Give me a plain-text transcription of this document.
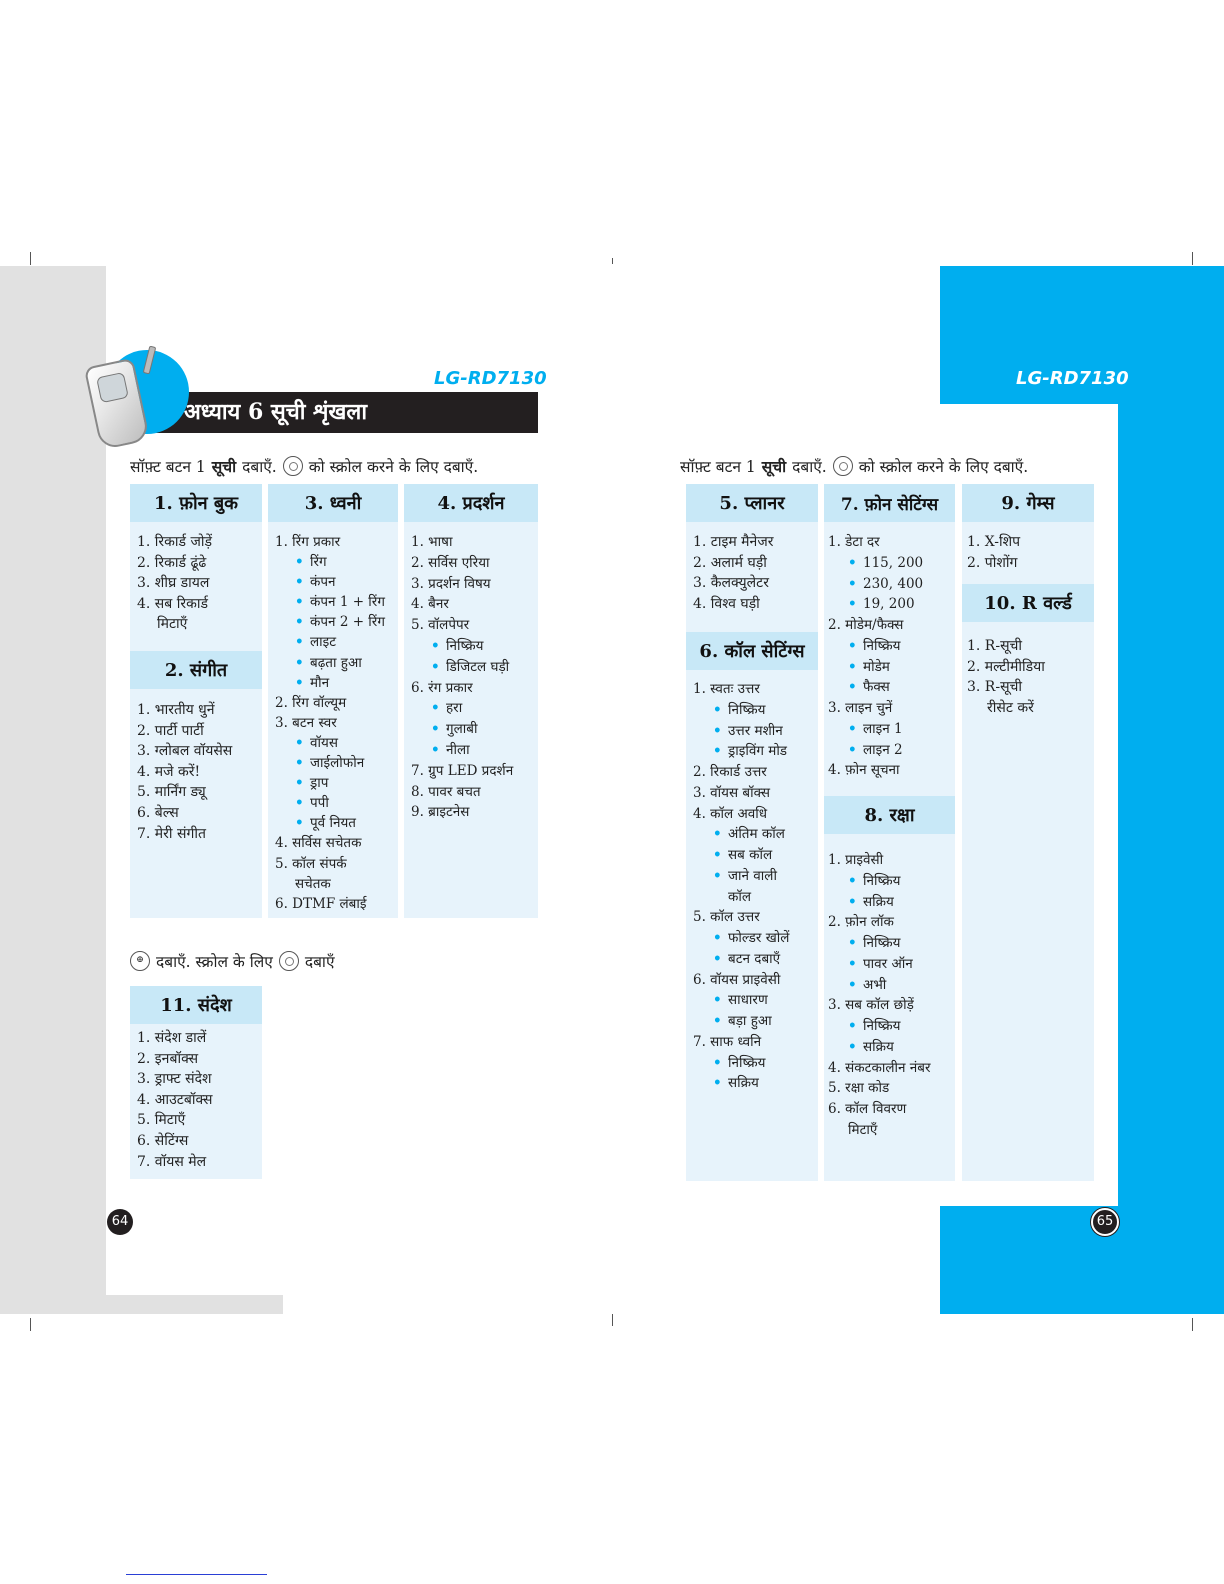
LG-RD7130	LG-RD7130
अध्याय 6 सूची शृंखला
सॉफ़्ट बटन 1 सूची दबाएँ. को स्क्रोल करने के लिए दबाएँ.	सॉफ़्ट बटन 1 सूची दबाएँ. को स्क्रोल करने के लिए दबाएँ.
1. फ़ोन बुक
1. रिकार्ड जोड़ें
2. रिकार्ड ढूंढे
3. शीघ्र डायल
4. सब रिकार्ड
मिटाएँ
2. संगीत
1. भारतीय धुनें
2. पार्टी पार्टी
3. ग्लोबल वॉयसेस
4. मजे करें!
5. मार्निंग ड्यू
6. बेल्स
7. मेरी संगीत
3. ध्वनी
1. रिंग प्रकार
• रिंग
• कंपन
• कंपन 1 + रिंग
• कंपन 2 + रिंग
• लाइट
• बढ़ता हुआ
• मौन
2. रिंग वॉल्यूम
3. बटन स्वर
• वॉयस
• जाईलोफोन
• ड्राप
• पपी
• पूर्व नियत
4. सर्विस सचेतक
5. कॉल संपर्क
सचेतक
6. DTMF लंबाई
4. प्रदर्शन
1. भाषा
2. सर्विस एरिया
3. प्रदर्शन विषय
4. बैनर
5. वॉलपेपर
• निष्क्रिय
• डिजिटल घड़ी
6. रंग प्रकार
• हरा
• गुलाबी
• नीला
7. ग्रुप LED प्रदर्शन
8. पावर बचत
9. ब्राइटनेस
⊕ दबाएँ. स्क्रोल के लिए दबाएँ
11. संदेश
1. संदेश डालें
2. इनबॉक्स
3. ड्राफ्ट संदेश
4. आउटबॉक्स
5. मिटाएँ
6. सेटिंग्स
7. वॉयस मेल
5. प्लानर
1. टाइम मैनेजर
2. अलार्म घड़ी
3. कैलक्युलेटर
4. विश्व घड़ी
6. कॉल सेटिंग्स
1. स्वतः उत्तर
• निष्क्रिय
• उत्तर मशीन
• ड्राइविंग मोड
2. रिकार्ड उत्तर
3. वॉयस बॉक्स
4. कॉल अवधि
• अंतिम कॉल
• सब कॉल
• जाने वाली
कॉल
5. कॉल उत्तर
• फोल्डर खोलें
• बटन दबाएँ
6. वॉयस प्राइवेसी
• साधारण
• बड़ा हुआ
7. साफ ध्वनि
• निष्क्रिय
• सक्रिय
7. फ़ोन सेटिंग्स
1. डेटा दर
• 115, 200
• 230, 400
• 19, 200
2. मोडेम/फैक्स
• निष्क्रिय
• मोडेम
• फैक्स
3. लाइन चुनें
• लाइन 1
• लाइन 2
4. फ़ोन सूचना
8. रक्षा
1. प्राइवेसी
• निष्क्रिय
• सक्रिय
2. फ़ोन लॉक
• निष्क्रिय
• पावर ऑन
• अभी
3. सब कॉल छोड़ें
• निष्क्रिय
• सक्रिय
4. संकटकालीन नंबर
5. रक्षा कोड
6. कॉल विवरण
मिटाएँ
9. गेम्स
1. X-शिप
2. पोशोंग
10. R वर्ल्ड
1. R-सूची
2. मल्टीमीडिया
3. R-सूची
रीसेट करें
64	65
